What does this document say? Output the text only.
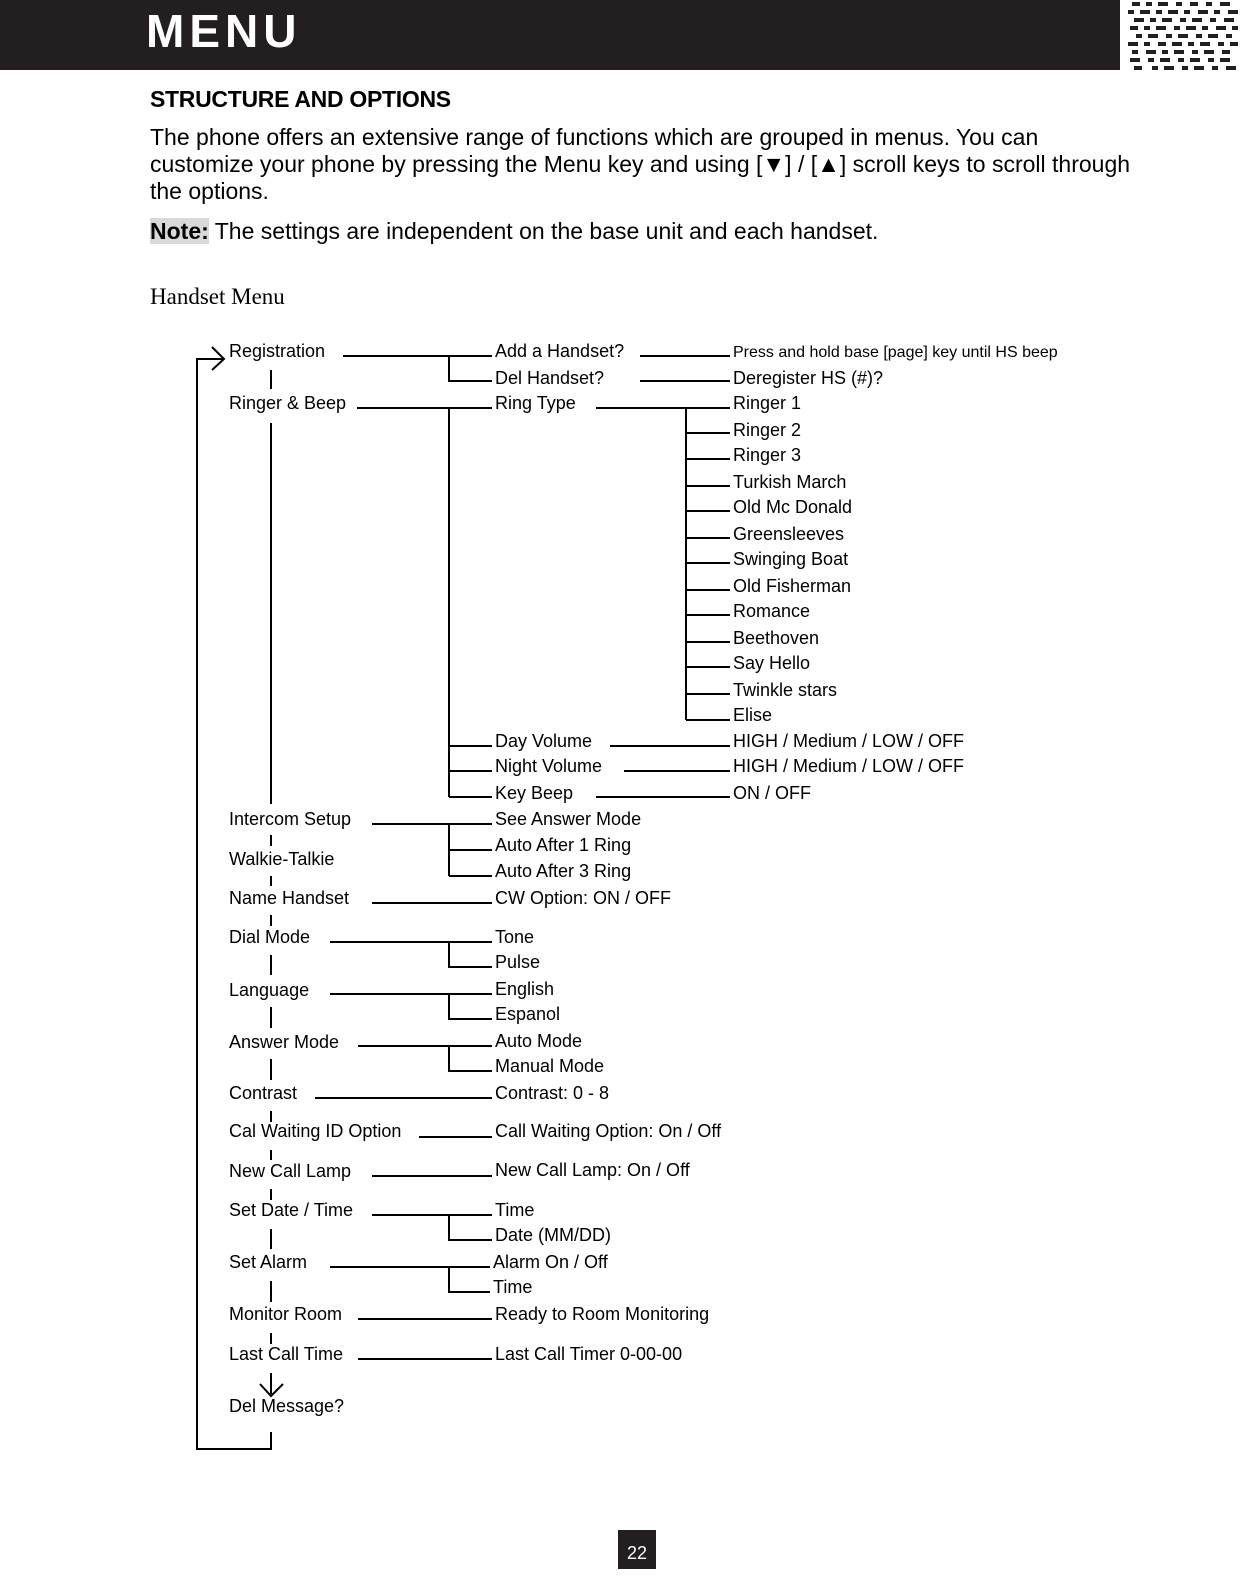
MENU
STRUCTURE AND OPTIONS
The phone offers an extensive range of functions which are grouped in menus. You can customize your phone by pressing the Menu key and using [▼] / [▲] scroll keys to scroll through the options.
Note: The settings are independent on the base unit and each handset.
Handset Menu
Registration
Ringer & Beep
Intercom Setup
Walkie-Talkie
Name Handset
Dial Mode
Language
Answer Mode
Contrast
Cal Waiting ID Option
New Call Lamp
Set Date / Time
Set Alarm
Monitor Room
Last Call Time
Del Message?
Add a Handset?
Del Handset?
Ring Type
Day Volume
Night Volume
Key Beep
See Answer Mode
Auto After 1 Ring
Auto After 3 Ring
CW Option: ON / OFF
Tone
Pulse
English
Espanol
Auto Mode
Manual Mode
Contrast: 0 - 8
Call Waiting Option: On / Off
New Call Lamp: On / Off
Time
Date (MM/DD)
Alarm On / Off
Time
Ready to Room Monitoring
Last Call Timer 0-00-00
Press and hold base [page] key until HS beep
Deregister HS (#)?
HIGH / Medium / LOW / OFF
HIGH / Medium / LOW / OFF
ON / OFF
Ringer 1
Ringer 2
Ringer 3
Turkish March
Old Mc Donald
Greensleeves
Swinging Boat
Old Fisherman
Romance
Beethoven
Say Hello
Twinkle stars
Elise
22
